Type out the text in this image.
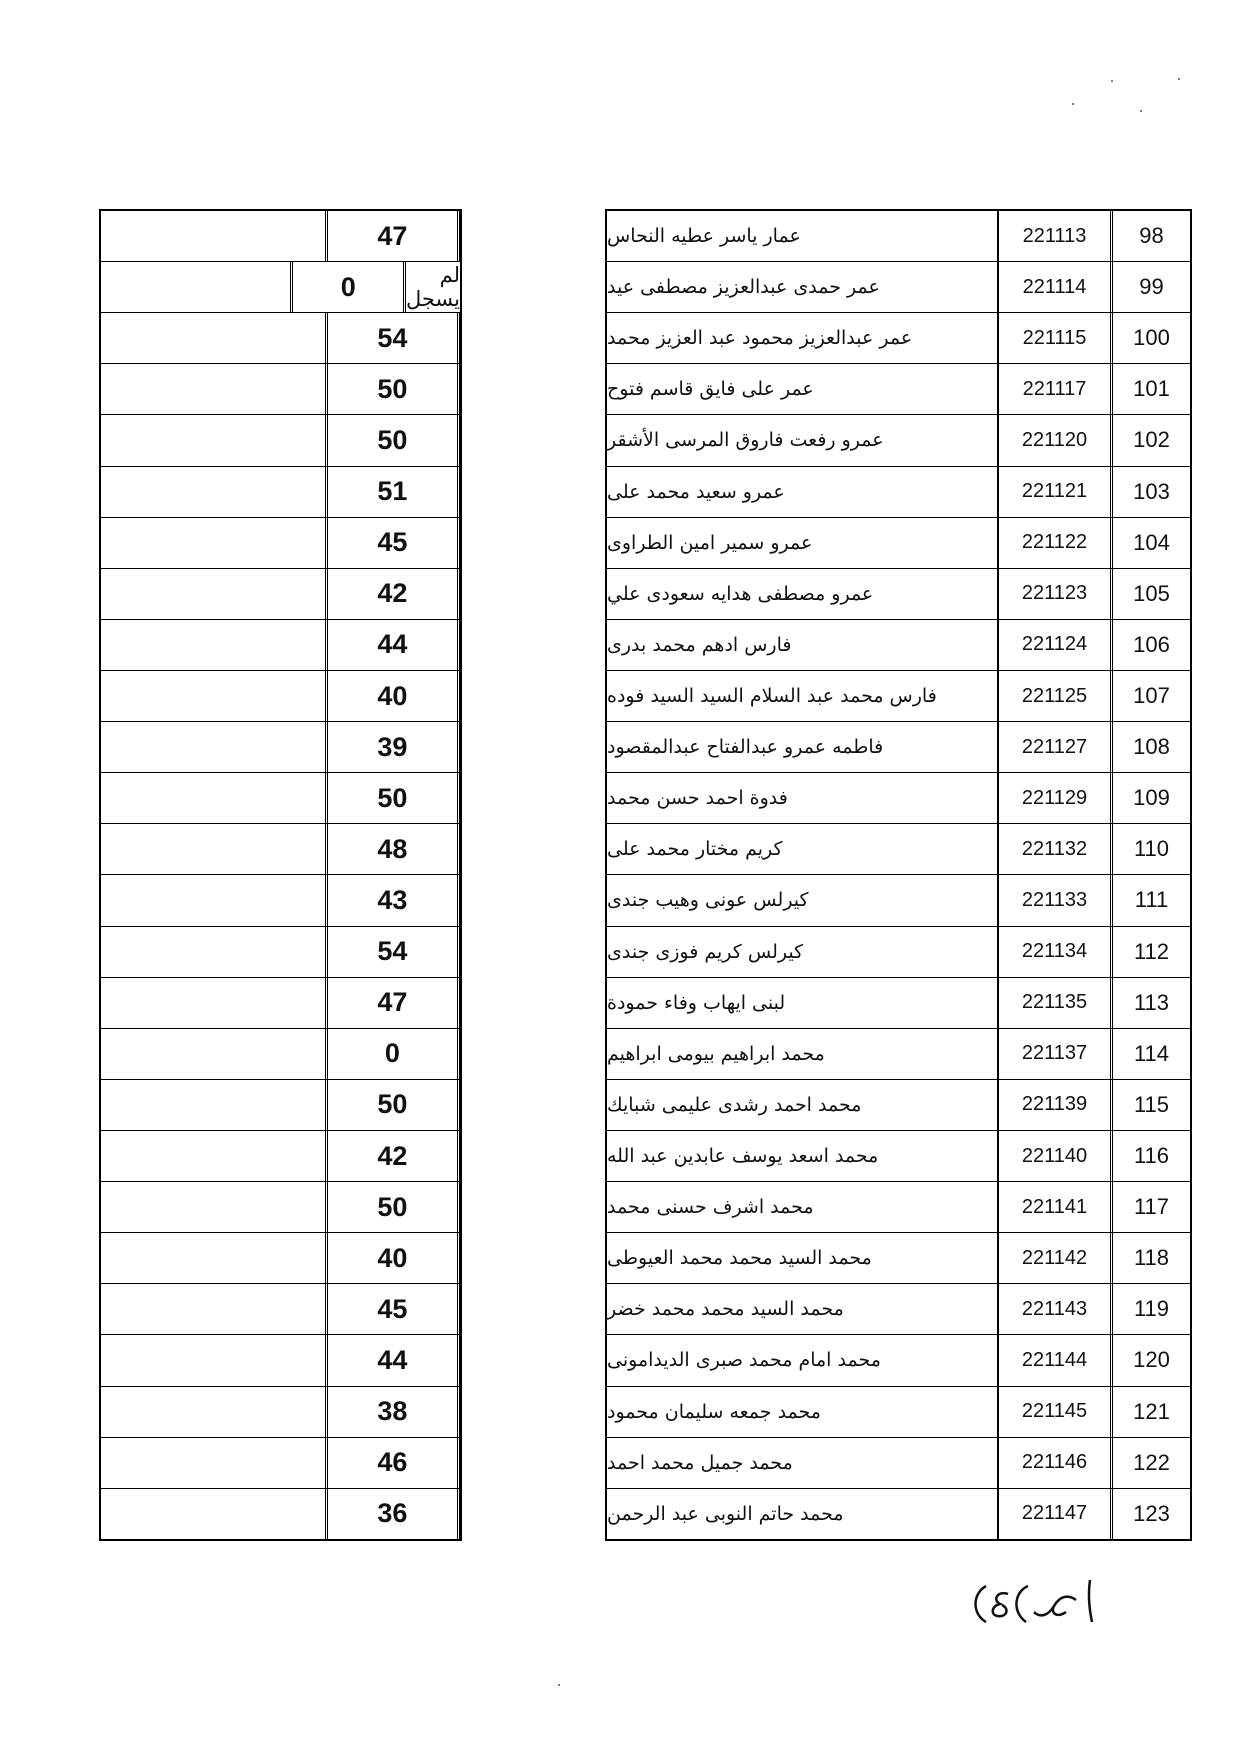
47
0	لم يسجل
54
50
50
51
45
42
44
40
39
50
48
43
54
47
0
50
42
50
40
45
44
38
46
36
عمار ياسر عطيه النحاس	221113	98
عمر حمدى عبدالعزيز مصطفى عيد	221114	99
عمر عبدالعزيز محمود عبد العزيز محمد	221115	100
عمر على فايق قاسم فتوح	221117	101
عمرو رفعت فاروق المرسى الأشقر	221120	102
عمرو سعيد محمد على	221121	103
عمرو سمير امين الطراوى	221122	104
عمرو مصطفى هدايه سعودى علي	221123	105
فارس ادهم محمد بدرى	221124	106
فارس محمد عبد السلام السيد السيد فوده	221125	107
فاطمه عمرو عبدالفتاح عبدالمقصود	221127	108
فدوة احمد حسن محمد	221129	109
كريم مختار محمد على	221132	110
كيرلس عونى وهيب جندى	221133	111
كيرلس كريم فوزى جندى	221134	112
لبنى ايهاب وفاء حمودة	221135	113
محمد ابراهيم بيومى ابراهيم	221137	114
محمد احمد رشدى عليمى شبايك	221139	115
محمد اسعد يوسف عابدين عبد الله	221140	116
محمد اشرف حسنى محمد	221141	117
محمد السيد محمد محمد العيوطى	221142	118
محمد السيد محمد محمد خضر	221143	119
محمد امام محمد صبرى الديدامونى	221144	120
محمد جمعه سليمان محمود	221145	121
محمد جميل محمد احمد	221146	122
محمد حاتم النوبى عبد الرحمن	221147	123
